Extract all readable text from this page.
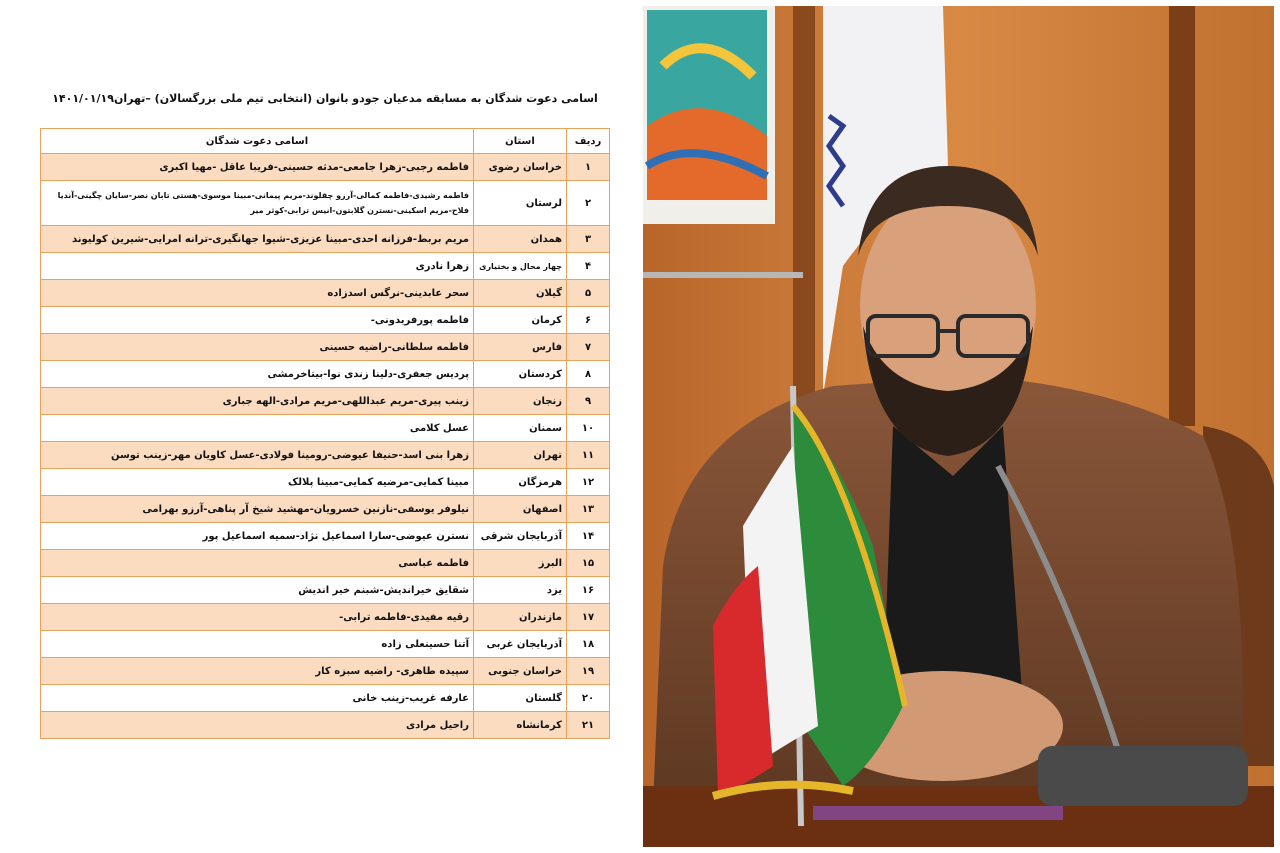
اسامی دعوت شدگان به مسابقه مدعیان جودو بانوان (انتخابی تیم ملی بزرگسالان) –تهران۱۴۰۱/۰۱/۱۹
ردیف	استان	اسامی دعوت شدگان
۱	خراسان رضوی	فاطمه رجبی-زهرا جامعی-مدثه حسینی-فریبا عاقل -مهیا اکبری
۲	لرستان	فاطمه رشیدی-فاطمه کمالی-آرزو چقلوند-مریم پیمانی-مبینا موسوی-هستی تابان نصر-سایان چگینی-آندیا فلاح-مریم اسکینی-نسترن گلابتون-انیس ترابی-کوثر میر
۳	همدان	مریم بربط-فرزانه احدی-مبینا عزیزی-شیوا جهانگیری-ترانه امرایی-شیرین کولیوند
۴	چهار محال و بختیاری	زهرا نادری
۵	گیلان	سحر عابدینی-نرگس اسدزاده
۶	کرمان	فاطمه پورفریدونی-
۷	فارس	فاطمه سلطانی-راضیه حسینی
۸	کردستان	پردیس جعفری-دلینا زندی نوا-بیتاخرمشی
۹	زنجان	زینب پیری-مریم عبداللهی-مریم مرادی-الهه جباری
۱۰	سمنان	عسل کلامی
۱۱	تهران	زهرا بنی اسد-حنیفا عیوضی-رومینا فولادی-عسل کاویان مهر-زینب توسن
۱۲	هرمزگان	مبینا کمایی-مرضیه کمایی-مبینا پلالک
۱۳	اصفهان	نیلوفر یوسفی-نازنین خسرویان-مهشید شیخ آر پناهی-آرزو بهرامی
۱۴	آذربایجان شرقی	نسترن عیوضی-سارا اسماعیل نژاد-سمیه اسماعیل پور
۱۵	البرز	فاطمه عباسی
۱۶	یزد	شقایق خیراندیش-شبنم خیر اندیش
۱۷	مازندران	رقیه مفیدی-فاطمه ترابی-
۱۸	آذربایجان غربی	آتنا حسینعلی زاده
۱۹	خراسان جنوبی	سپیده طاهری- راضیه سبزه کار
۲۰	گلستان	عارفه غریب-زینب خانی
۲۱	کرمانشاه	راحیل مرادی
